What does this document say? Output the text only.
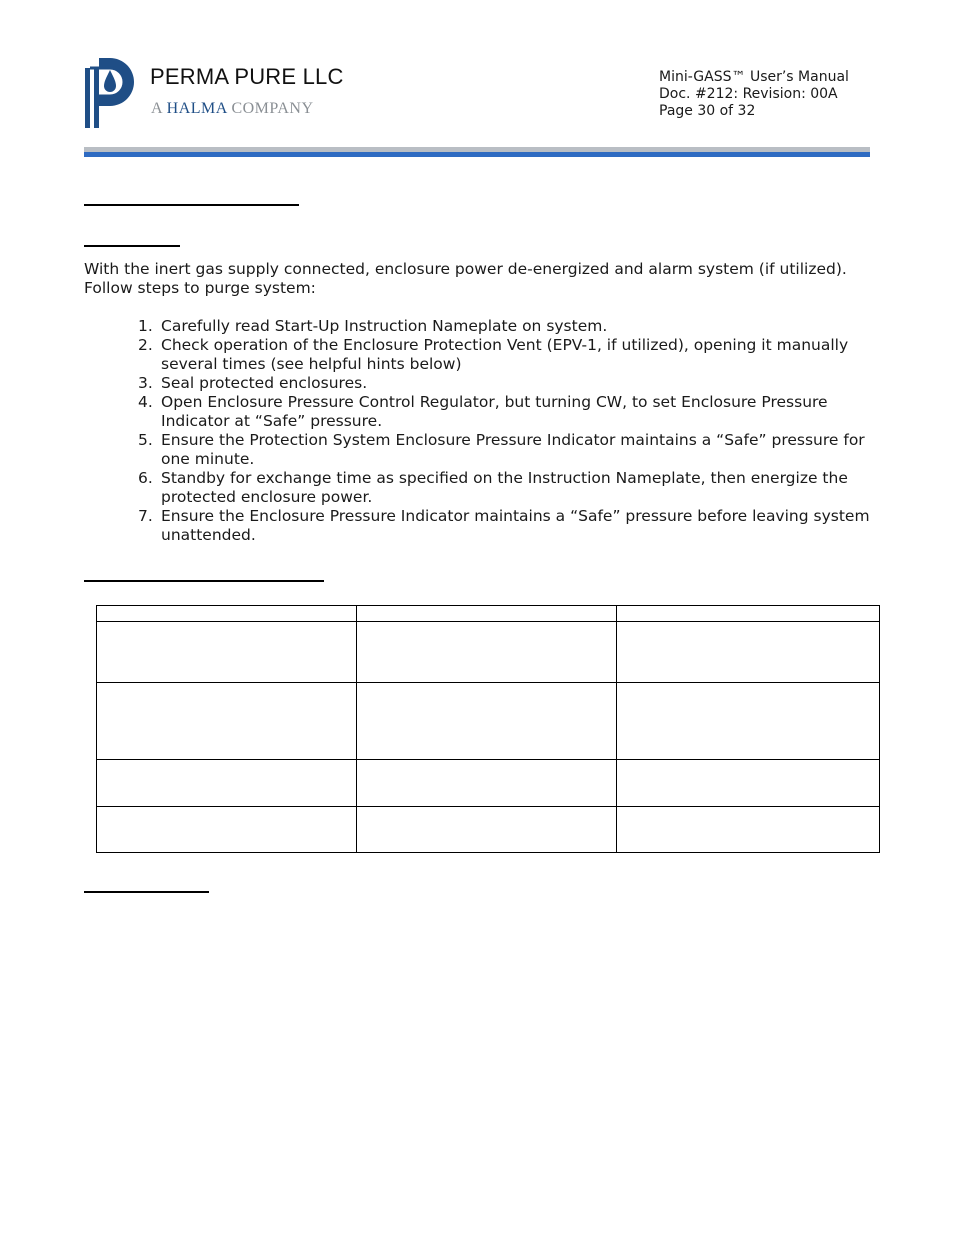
PERMA PURE LLC
A HALMA COMPANY
Mini-GASS™ User’s Manual
Doc. #212: Revision: 00A
Page 30 of 32

With the inert gas supply connected, enclosure power de-energized and alarm system (if utilized).
Follow steps to purge system:

1. Carefully read Start-Up Instruction Nameplate on system.
2. Check operation of the Enclosure Protection Vent (EPV-1, if utilized), opening it manually several times (see helpful hints below)
3. Seal protected enclosures.
4. Open Enclosure Pressure Control Regulator, but turning CW, to set Enclosure Pressure Indicator at “Safe” pressure.
5. Ensure the Protection System Enclosure Pressure Indicator maintains a “Safe” pressure for one minute.
6. Standby for exchange time as specified on the Instruction Nameplate, then energize the protected enclosure power.
7. Ensure the Enclosure Pressure Indicator maintains a “Safe” pressure before leaving system unattended.
